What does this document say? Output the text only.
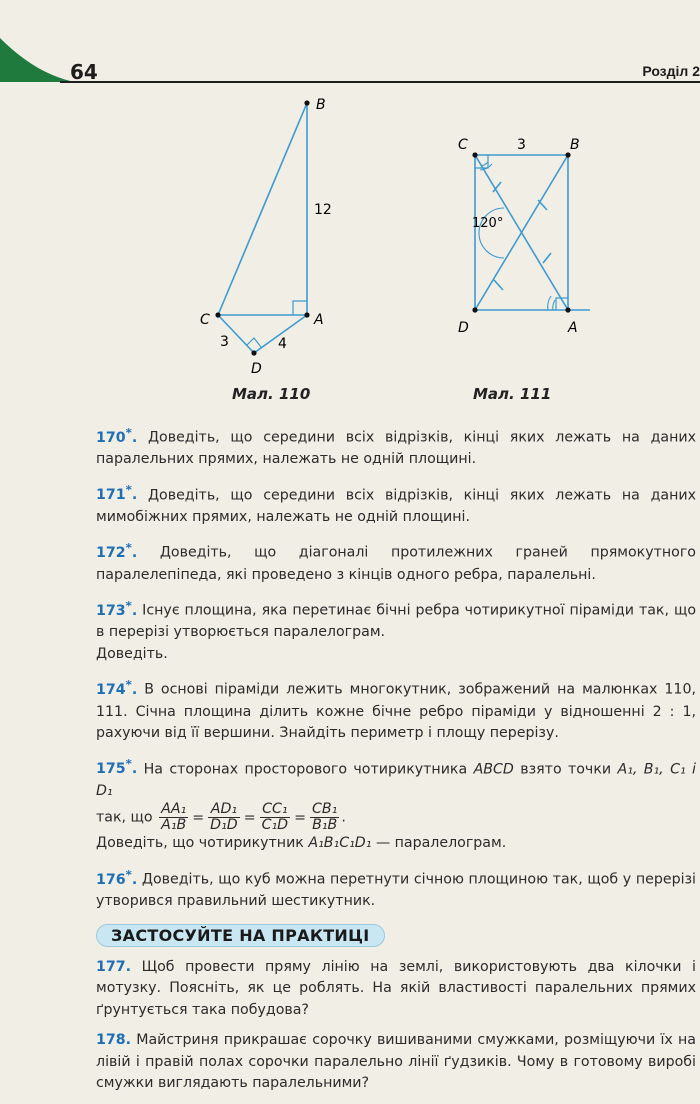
64	Розділ 2
B
C	A
D
12
3	4
Мал. 110
C	B
D	A
3
120°
Мал. 111
170*. Доведіть, що середини всіх відрізків, кінці яких лежать на даних паралельних прямих, належать не одній площині.
171*. Доведіть, що середини всіх відрізків, кінці яких лежать на даних мимобіжних прямих, належать не одній площині.
172*. Доведіть, що діагоналі протилежних граней прямокутного паралелепіпеда, які проведено з кінців одного ребра, паралельні.
173*. Існує площина, яка перетинає бічні ребра чотирикутної піраміди так, що в перерізі утворюється паралелограм.
Доведіть.
174*. В основі піраміди лежить многокутник, зображений на малюнках 110, 111. Січна площина ділить кожне бічне ребро піраміди у відношенні 2 : 1, рахуючи від її вершини. Знайдіть периметр і площу перерізу.
175*. На сторонах просторового чотирикутника ABCD взято точки A₁, B₁, C₁ і D₁
так, що $\frac{\text{AA₁}}{\text{A₁B}} = \frac{\text{AD₁}}{\text{D₁D}} = \frac{\text{CC₁}}{\text{C₁D}} = \frac{\text{CB₁}}{\text{B₁B}}$ .
Доведіть, що чотирикутник A₁B₁C₁D₁ — паралелограм.
176*. Доведіть, що куб можна перетнути січною площиною так, щоб у перерізі утворився правильний шестикутник.
ЗАСТОСУЙТЕ НА ПРАКТИЦІ
177. Щоб провести пряму лінію на землі, використовують два кілочки і мотузку. Поясніть, як це роблять. На якій властивості паралельних прямих ґрунтується така побудова?
178. Майстриня прикрашає сорочку вишиваними смужками, розміщуючи їх на лівій і правій полах сорочки паралельно лінії ґудзиків. Чому в готовому виробі смужки виглядають паралельними?
